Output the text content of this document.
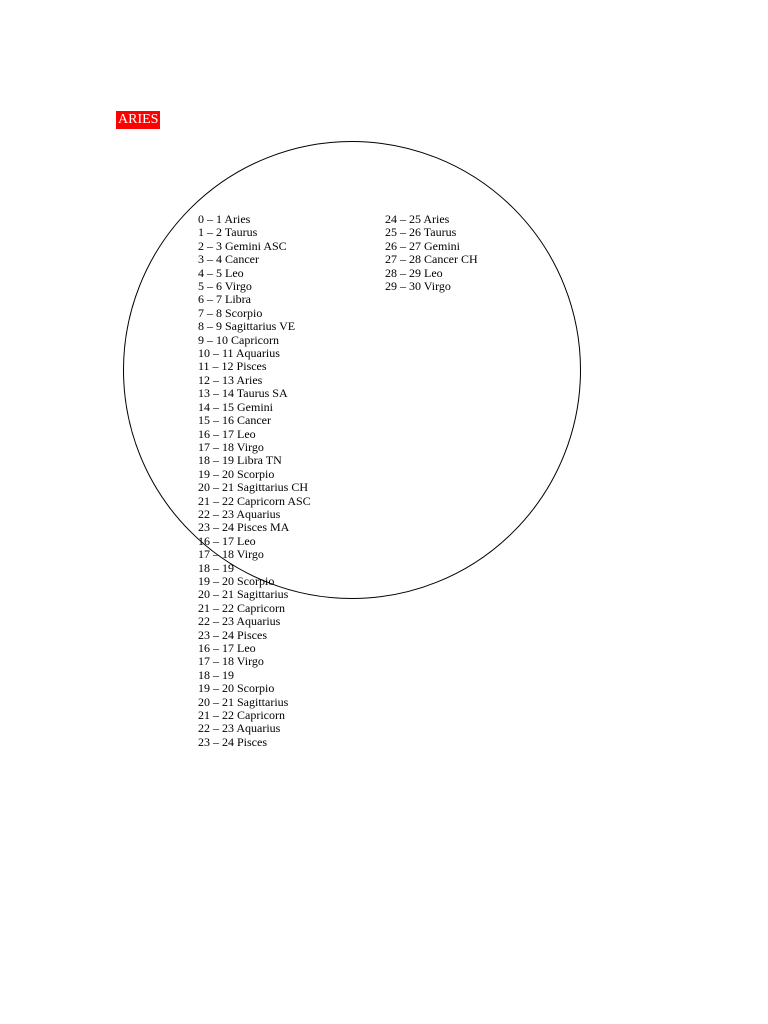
ARIES
0 – 1 Aries
1 – 2 Taurus
2 – 3 Gemini ASC
3 – 4 Cancer
4 – 5 Leo
5 – 6 Virgo
6 – 7 Libra
7 – 8 Scorpio
8 – 9 Sagittarius VE
9 – 10 Capricorn
10 – 11 Aquarius
11 – 12 Pisces
12 – 13 Aries
13 – 14 Taurus SA
14 – 15 Gemini
15 – 16 Cancer
16 – 17 Leo
17 – 18 Virgo
18 – 19 Libra TN
19 – 20 Scorpio
20 – 21 Sagittarius CH
21 – 22 Capricorn ASC
22 – 23 Aquarius
23 – 24 Pisces MA
16 – 17 Leo
17 – 18 Virgo
18 – 19
19 – 20 Scorpio
20 – 21 Sagittarius
21 – 22 Capricorn
22 – 23 Aquarius
23 – 24 Pisces
16 – 17 Leo
17 – 18 Virgo
18 – 19
19 – 20 Scorpio
20 – 21 Sagittarius
21 – 22 Capricorn
22 – 23 Aquarius
23 – 24 Pisces
24 – 25 Aries
25 – 26 Taurus
26 – 27 Gemini
27 – 28 Cancer CH
28 – 29 Leo
29 – 30 Virgo
